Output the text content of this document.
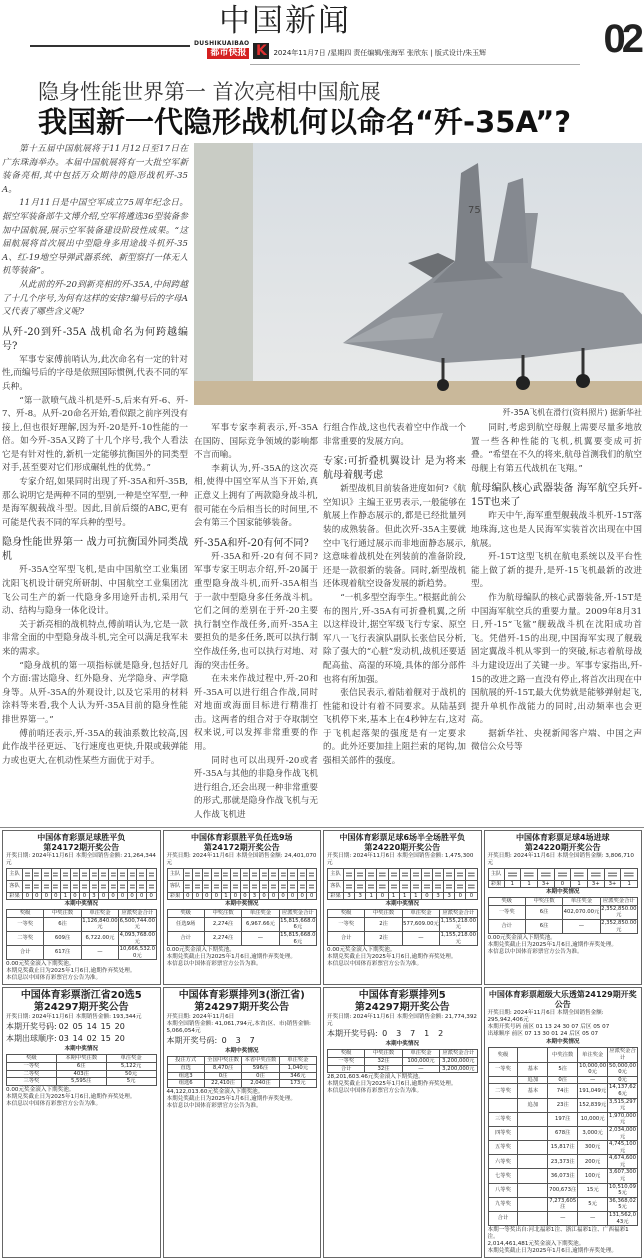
中国新闻
DUSHIKUAIBAO
都市快报 K 2024年11月7日 /星期四 责任编辑/张海军 张欣东 | 版式设计/朱玉辉	02
隐身性能世界第一 首次亮相中国航展
我国新一代隐形战机何以命名“歼-35A”?

第十五届中国航展将于11月12日至17日在广东珠海举办。本届中国航展将有一大批空军新装备亮相,其中包括万众期待的隐形战机歼-35A。

11月11日是中国空军成立75周年纪念日。据空军装备部牛文博介绍,空军将遴选36型装备参加中国航展,展示空军装备建设阶段性成果。“这届航展将首次展出中型隐身多用途战斗机歼-35A、红-19地空导弹武器系统、新型察打一体无人机等装备”。

从此前的歼-20到新亮相的歼-35A,中间跨越了十几个序号,为何有这样的安排?编号后的字母A又代表了哪些含义呢?

从歼-20到歼-35A 战机命名为何跨越编号?

军事专家傅前哨认为,此次命名有一定的针对性,而编号后的字母是依照国际惯例,代表不同的军兵种。

“第一款喷气战斗机是歼-5,后来有歼-6、歼-7、歼-8。从歼-20命名开始,看似跟之前序列没有接上,但也很好理解,因为歼-20是歼-10性能的一倍。如今歼-35A又跨了十几个序号,我个人看法它是有针对性的,新机一定能够抗衡国外的同类型对手,甚至要对它们形成碾轧性的优势。”

专家介绍,如果同时出现了歼-35A和歼-35B,那么说明它是两种不同的型别,一种是空军型,一种是海军舰载战斗型。因此,目前后缀的ABC,更有可能是代表不同的军兵种的型号。

隐身性能世界第一 战力可抗衡国外同类战机

歼-35A空军型飞机,是由中国航空工业集团沈阳飞机设计研究所研制、中国航空工业集团沈飞公司生产的新一代隐身多用途歼击机,采用气动、结构与隐身一体化设计。

关于新亮相的战机特点,傅前哨认为,它是一款非常全面的中型隐身战斗机,完全可以满足我军未来的需求。

“隐身战机的第一项指标就是隐身,包括好几个方面:雷达隐身、红外隐身、光学隐身、声学隐身等。从歼-35A的外观设计,以及它采用的材料涂料等来看,我个人认为歼-35A目前的隐身性能排世界第一。”

傅前哨还表示,歼-35A的载油系数比较高,因此作战半径更远、飞行速度也更快,升限或载弹能力或也更大,在机动性某些方面优于对手。

75
歼-35A飞机在滑行(资料照片) 据新华社

军事专家李莉表示,歼-35A在国防、国际竞争领域的影响都不言而喻。

李莉认为,歼-35A的这次亮相,使得中国空军从当下开始,真正意义上拥有了两款隐身战斗机,很可能在今后相当长的时间里,不会有第三个国家能够装备。

歼-35A和歼-20有何不同?

歼-35A和歼-20有何不同?军事专家王明志介绍,歼-20属于重型隐身战斗机,而歼-35A相当于一款中型隐身多任务战斗机。它们之间的差别在于歼-20主要执行制空作战任务,而歼-35A主要担负的是多任务,既可以执行制空作战任务,也可以执行对地、对海的突击任务。

在未来作战过程中,歼-20和歼-35A可以进行组合作战,同时对地面或海面目标进行精准打击。这两者的组合对于夺取制空权来说,可以发挥非常重要的作用。

同时也可以出现歼-20或者歼-35A与其他的非隐身作战飞机进行组合,还会出现一种非常重要的形式,那就是隐身作战飞机与无人作战飞机进

行组合作战,这也代表着空中作战一个非常重要的发展方向。

专家:可折叠机翼设计 是为将来航母着舰考虑

新型战机目前装备进度如何?《航空知识》主编王亚男表示,一般能够在航展上作静态展示的,都是已经批量列装的成熟装备。但此次歼-35A主要就空中飞行通过展示而非地面静态展示,这意味着战机处在列装前的准备阶段,还是一款很新的装备。同时,新型战机还体现着航空设备发展的新趋势。

“一机多型空海孪生。”根据此前公布的图片,歼-35A有可折叠机翼,之所以这样设计,据空军级飞行专家、原空军八一飞行表演队副队长张信民分析,除了强大的“心脏”发动机,战机还要适配高盐、高湿的环境,具体的部分部件也将有所加强。

张信民表示,着陆着舰对于战机的性能和设计有着不同要求。从陆基到飞机停下来,基本上在4秒钟左右,这对于飞机起落架的强度是有一定要求的。此外还要加挂上阻拦索的尾钩,加强相关部件的强度。

同时,考虑到航空母舰上需要尽量多地放置一些各种性能的飞机,机翼要变成可折叠。“希望在不久的将来,航母首测我们的航空母舰上有第五代战机在飞翔。”

航母编队核心武器装备 海军航空兵歼-15T也来了

昨天中午,海军重型舰载战斗机歼-15T落地珠海,这也是人民海军实装首次出现在中国航展。

歼-15T这型飞机在航电系统以及平台性能上做了新的提升,是歼-15飞机最新的改进型。

作为航母编队的核心武器装备,歼-15T是中国海军航空兵的重要力量。2009年8月31日,歼-15“飞鲨”舰载战斗机在沈阳成功首飞。凭借歼-15的出现,中国海军实现了舰载固定翼战斗机从零到一的突破,标志着航母战斗力建设迈出了关键一步。军事专家指出,歼-15的改进之路一直没有停止,将首次出现在中国航展的歼-15T,最大优势就是能够弹射起飞,提升单机作战能力的同时,出动频率也会更高。

据新华社、央视新闻客户端、中国之声微信公众号等

中国体育彩票足球胜平负
第24172期开奖公告
开奖日期: 2024年11月6日 本期全国销售金额: 21,264,344元
主队														
客队														
彩果	0	0	0	0	1	0	0	3	0	0	0	0	0	0
本期中奖情况
奖级	中奖注数	单注奖金	应派奖金合计
一等奖	6注	1,126,840.00元	6,500,744.00元
二等奖	609注	6,722.00元	4,093,768.00元
合计	617注	—	10,666,532.00元
0.00元奖金滚入下期奖池。
本期兑奖截止日为2025年1月6日,逾期作弃奖处理。
本信息以中国体育彩票官方公告为准。
中国体育彩票胜平负任选9场
第24172期开奖公告
开奖日期: 2024年11月6日 本期全国销售金额: 24,401,070元
主队														
客队														
彩果	0	0	0	0	1	0	0	3	0	0	0	0	0	0
本期中奖情况
奖级	中奖注数	单注奖金	应派奖金合计
任选9场	2,274注	6,967.66元	15,815,668.06元
合计	2,274注	—	15,815,668.06元
0.00元奖金滚入下期奖池。
本期兑奖截止日为2025年1月6日,逾期作弃奖处理。
本信息以中国体育彩票官方公告为准。
中国体育彩票足球6场半全场胜平负
第24220期开奖公告
开奖日期: 2024年11月6日 本期全国销售金额: 1,475,300元
主队												
客队												
彩果	3	3	1	0	1	1	1	0	3	3	0	0
本期中奖情况
奖级	中奖注数	单注奖金	应派奖金合计
一等奖	2注	577,609.00元	1,155,218.00元
合计	2注	—	1,155,218.00元
0.00元奖金滚入下期奖池。
本期兑奖截止日为2025年1月6日,逾期作弃奖处理。
本信息以中国体育彩票官方公告为准。
中国体育彩票足球4场进球
第24220期开奖公告
开奖日期: 2024年11月6日 本期全国销售金额: 3,806,710元
主队								
彩果	1	1	3+	0	1	3+	3+	1
本期中奖情况
奖级	中奖注数	单注奖金	应派奖金合计
一等奖	6注	402,070.00元	2,352,850.00元
合计	6注	—	2,352,850.00元
0.00元奖金滚入下期奖池。
本期兑奖截止日为2025年1月6日,逾期作弃奖处理。
本信息以中国体育彩票官方公告为准。
中国体育彩票浙江省20选5
第24297期开奖公告
开奖日期: 2024年11月6日 本期销售金额: 193,344元
本期开奖号码: 02 05 14 15 20
本期出球顺序: 03 14 02 15 20
本期中奖情况
奖级	本期中奖注数	单注奖金
一等奖	6注	5,122元
二等奖	403注	50元
三等奖	5,595注	5元
0.00元奖金滚入下期奖池。
本期兑奖截止日为2025年1月6日,逾期作弃奖处理。
本信息以中国体育彩票官方公告为准。
中国体育彩票排列3(浙江省)
第24297期开奖公告
开奖日期: 2024年11月6日
本期全国销售金额: 41,061,794元,本省(区、市)销售金额: 5,066,054元
本期开奖号码: 0 3 7
本期中奖情况
投注方式	全国中奖注数	本省中奖注数	单注奖金
直选	8,470注	596注	1,040元
组选3	0注	0注	346元
组选6	22,410注	2,040注	173元
44,122,013.60元奖金滚入下期奖池。
本期兑奖截止日为2025年1月6日,逾期作弃奖处理。
本信息以中国体育彩票官方公告为准。
中国体育彩票排列5
第24297期开奖公告
开奖日期: 2024年11月6日 本期全国销售金额: 21,774,392元
本期开奖号码: 0 3 7 1 2
本期中奖情况
奖级	中奖注数	单注奖金	应派奖金合计
一等奖	32注	100,000元	3,200,000元
合计	32注	—	3,200,000元
28,201,603.46元奖金滚入下期奖池。
本期兑奖截止日为2025年1月6日,逾期作弃奖处理。
本信息以中国体育彩票官方公告为准。
中国体育彩票超级大乐透第24129期开奖公告
开奖日期: 2024年11月6日 本期全国销售金额: 295,942,406元
本期开奖号码 前区 01 13 24 30 07 后区 05 07
出球顺序 前区 07 13 30 01 24 后区 05 07
本期中奖情况
奖级		中奖注数	单注奖金	应派奖金合计
一等奖	基本	5注	10,000,000元	50,000,000元
	追加	0注	—	0元
二等奖	基本	74注	191,049元	14,137,626元
	追加	23注	152,839元	3,515,297元
三等奖		197注	10,000元	1,970,000元
四等奖		678注	3,000元	2,034,000元
五等奖		15,817注	300元	4,745,100元
六等奖		23,373注	200元	4,674,600元
七等奖		36,073注	100元	3,607,300元
八等奖		700,673注	15元	10,510,095元
九等奖		7,273,605注	5元	36,368,025元
合计		—	—	131,562,043元
本期一等奖出自:河北福彩1注、浙江福彩1注、广西福彩1注。
2,014,461,481元奖金滚入下期奖池。
本期兑奖截止日为2025年1月6日,逾期作弃奖处理。
